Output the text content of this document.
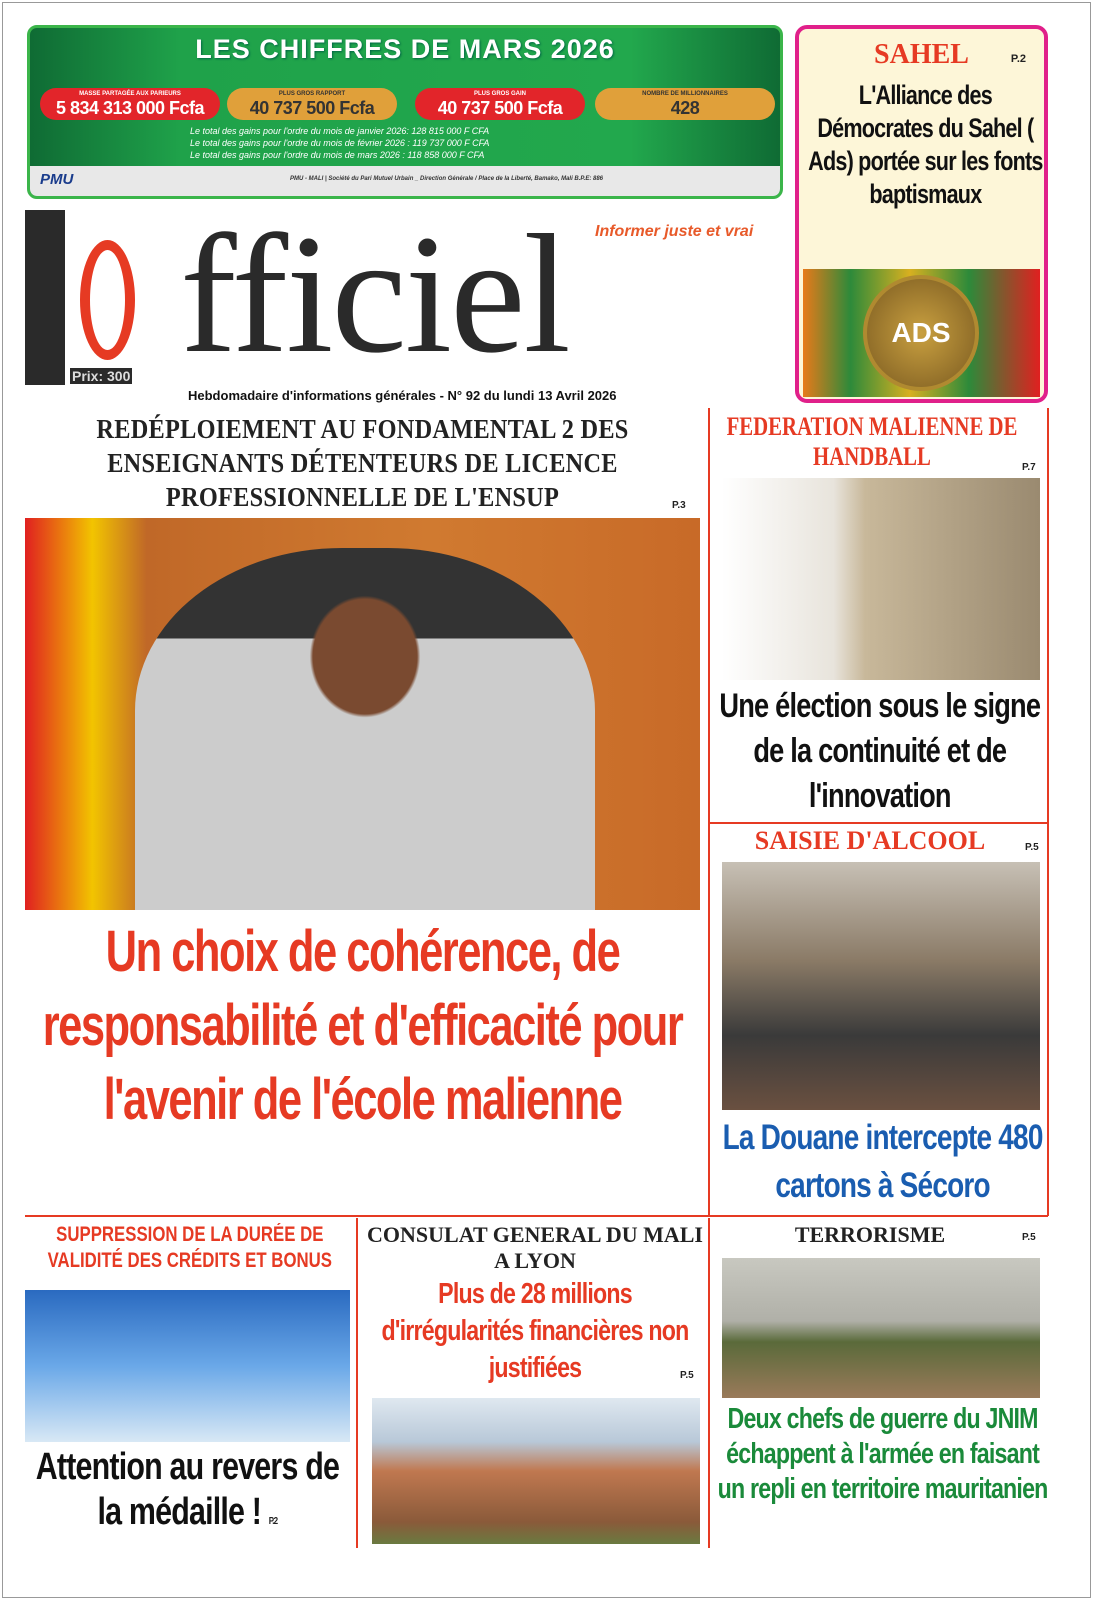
LES CHIFFRES DE MARS 2026
MASSE PARTAGÉE AUX PARIEURS
5 834 313 000 Fcfa
PLUS GROS RAPPORT
40 737 500 Fcfa
PLUS GROS GAIN
40 737 500 Fcfa
NOMBRE DE MILLIONNAIRES
428
Le total des gains pour l'ordre du mois de janvier 2026: 128 815 000 F CFA
Le total des gains pour l'ordre du mois de février 2026 : 119 737 000 F CFA
Le total des gains pour l'ordre du mois de mars 2026 : 118 858 000 F CFA
PMU	PMU - MALI | Société du Pari Mutuel Urbain _ Direction Générale / Place de la Liberté, Bamako, Mali B.P.E: 886
SAHEL	P.2
L'Alliance des Démocrates du Sahel ( Ads) portée sur les fonts baptismaux
ADS
fficiel Informer juste et vrai
Prix: 300
Hebdomadaire d'informations générales - N° 92 du lundi 13 Avril 2026
REDÉPLOIEMENT AU FONDAMENTAL 2 DES ENSEIGNANTS DÉTENTEURS DE LICENCE PROFESSIONNELLE DE L'ENSUP	P.3
Un choix de cohérence, de responsabilité et d'efficacité pour l'avenir de l'école malienne
FEDERATION MALIENNE DE HANDBALL	P.7
Une élection sous le signe de la continuité et de l'innovation
SAISIE D'ALCOOL	P.5
La Douane intercepte 480 cartons à Sécoro
SUPPRESSION DE LA DURÉE DE VALIDITÉ DES CRÉDITS ET BONUS
Attention au revers de la médaille ! P.2
CONSULAT GENERAL DU MALI A LYON
Plus de 28 millions d'irrégularités financières non justifiées	P.5
TERRORISME	P.5
Deux chefs de guerre du JNIM échappent à l'armée en faisant un repli en territoire mauritanien
